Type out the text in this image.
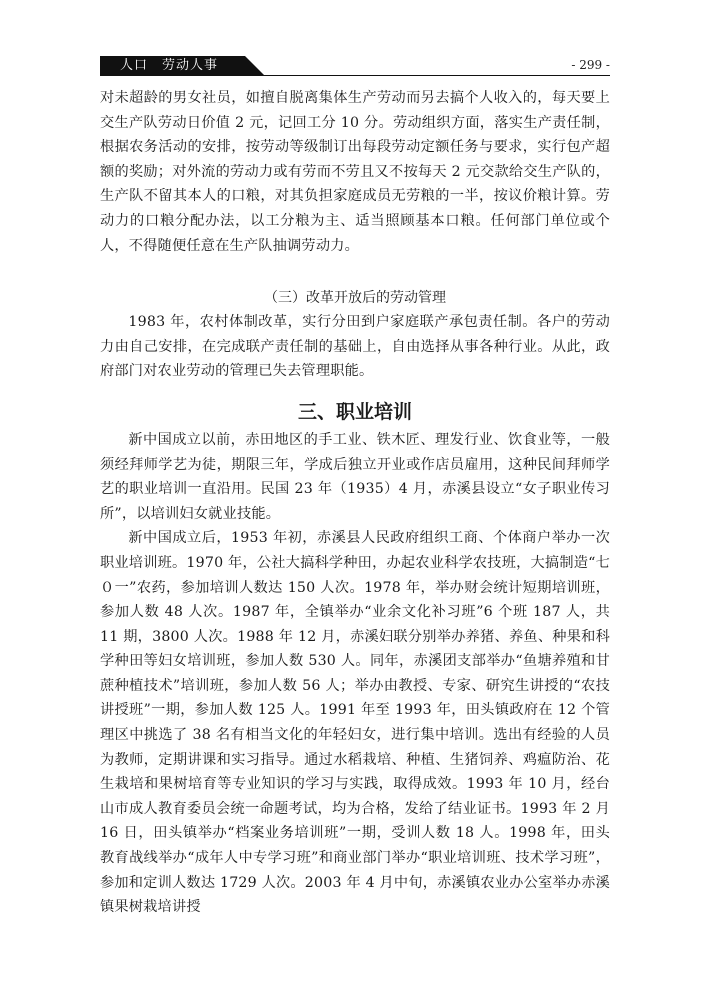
人口　劳动人事	- 299 -

对未超龄的男女社员，如擅自脱离集体生产劳动而另去搞个人收入的，每天要上交生产队劳动日价值 2 元，记回工分 10 分。劳动组织方面，落实生产责任制，根据农务活动的安排，按劳动等级制订出每段劳动定额任务与要求，实行包产超额的奖励；对外流的劳动力或有劳而不劳且又不按每天 2 元交款给交生产队的，生产队不留其本人的口粮，对其负担家庭成员无劳粮的一半，按议价粮计算。劳动力的口粮分配办法，以工分粮为主、适当照顾基本口粮。任何部门单位或个人，不得随便任意在生产队抽调劳动力。

（三）改革开放后的劳动管理

1983 年，农村体制改革，实行分田到户家庭联产承包责任制。各户的劳动力由自己安排，在完成联产责任制的基础上，自由选择从事各种行业。从此，政府部门对农业劳动的管理已失去管理职能。

三、职业培训

新中国成立以前，赤田地区的手工业、铁木匠、理发行业、饮食业等，一般须经拜师学艺为徒，期限三年，学成后独立开业或作店员雇用，这种民间拜师学艺的职业培训一直沿用。民国 23 年（1935）4 月，赤溪县设立“女子职业传习所”，以培训妇女就业技能。

新中国成立后，1953 年初，赤溪县人民政府组织工商、个体商户举办一次职业培训班。1970 年，公社大搞科学种田，办起农业科学农技班，大搞制造“七０一”农药，参加培训人数达 150 人次。1978 年，举办财会统计短期培训班，参加人数 48 人次。1987 年，全镇举办“业余文化补习班”6 个班 187 人，共 11 期，3800 人次。1988 年 12 月，赤溪妇联分别举办养猪、养鱼、种果和科学种田等妇女培训班，参加人数 530 人。同年，赤溪团支部举办“鱼塘养殖和甘蔗种植技术”培训班，参加人数 56 人；举办由教授、专家、研究生讲授的“农技讲授班”一期，参加人数 125 人。1991 年至 1993 年，田头镇政府在 12 个管理区中挑选了 38 名有相当文化的年轻妇女，进行集中培训。选出有经验的人员为教师，定期讲课和实习指导。通过水稻栽培、种植、生猪饲养、鸡瘟防治、花生栽培和果树培育等专业知识的学习与实践，取得成效。1993 年 10 月，经台山市成人教育委员会统一命题考试，均为合格，发给了结业证书。1993 年 2 月 16 日，田头镇举办“档案业务培训班”一期，受训人数 18 人。1998 年，田头教育战线举办“成年人中专学习班”和商业部门举办“职业培训班、技术学习班”，参加和定训人数达 1729 人次。2003 年 4 月中旬，赤溪镇农业办公室举办赤溪镇果树栽培讲授
